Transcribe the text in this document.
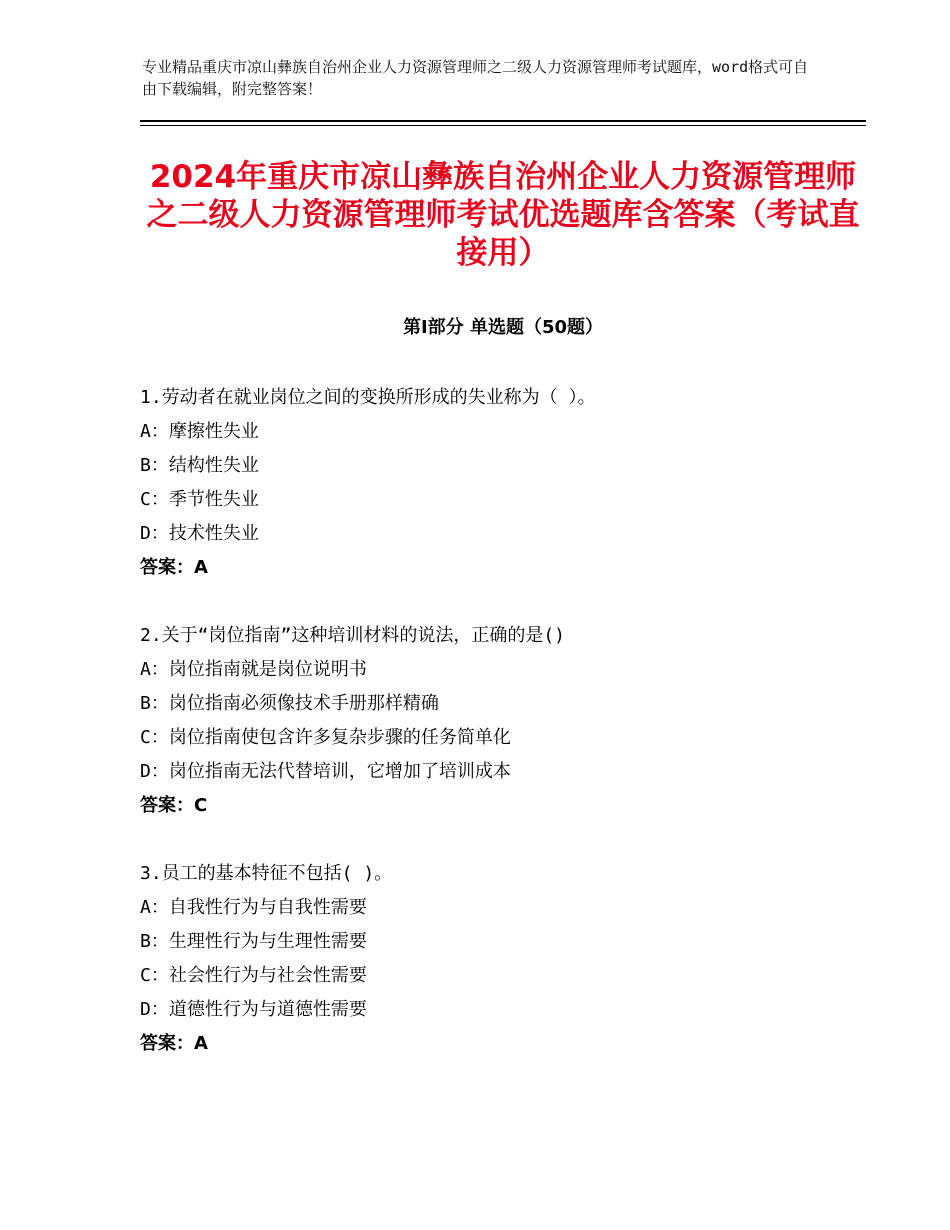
专业精品重庆市凉山彝族自治州企业人力资源管理师之二级人力资源管理师考试题库，word格式可自由下载编辑，附完整答案！
2024年重庆市凉山彝族自治州企业人力资源管理师之二级人力资源管理师考试优选题库含答案（考试直接用）
第Ⅰ部分 单选题（50题）
1.劳动者在就业岗位之间的变换所形成的失业称为（ ）。
A：摩擦性失业
B：结构性失业
C：季节性失业
D：技术性失业
答案：A
2.关于“岗位指南”这种培训材料的说法，正确的是()
A：岗位指南就是岗位说明书
B：岗位指南必须像技术手册那样精确
C：岗位指南使包含许多复杂步骤的任务简单化
D：岗位指南无法代替培训，它增加了培训成本
答案：C
3.员工的基本特征不包括( )。
A：自我性行为与自我性需要
B：生理性行为与生理性需要
C：社会性行为与社会性需要
D：道德性行为与道德性需要
答案：A
